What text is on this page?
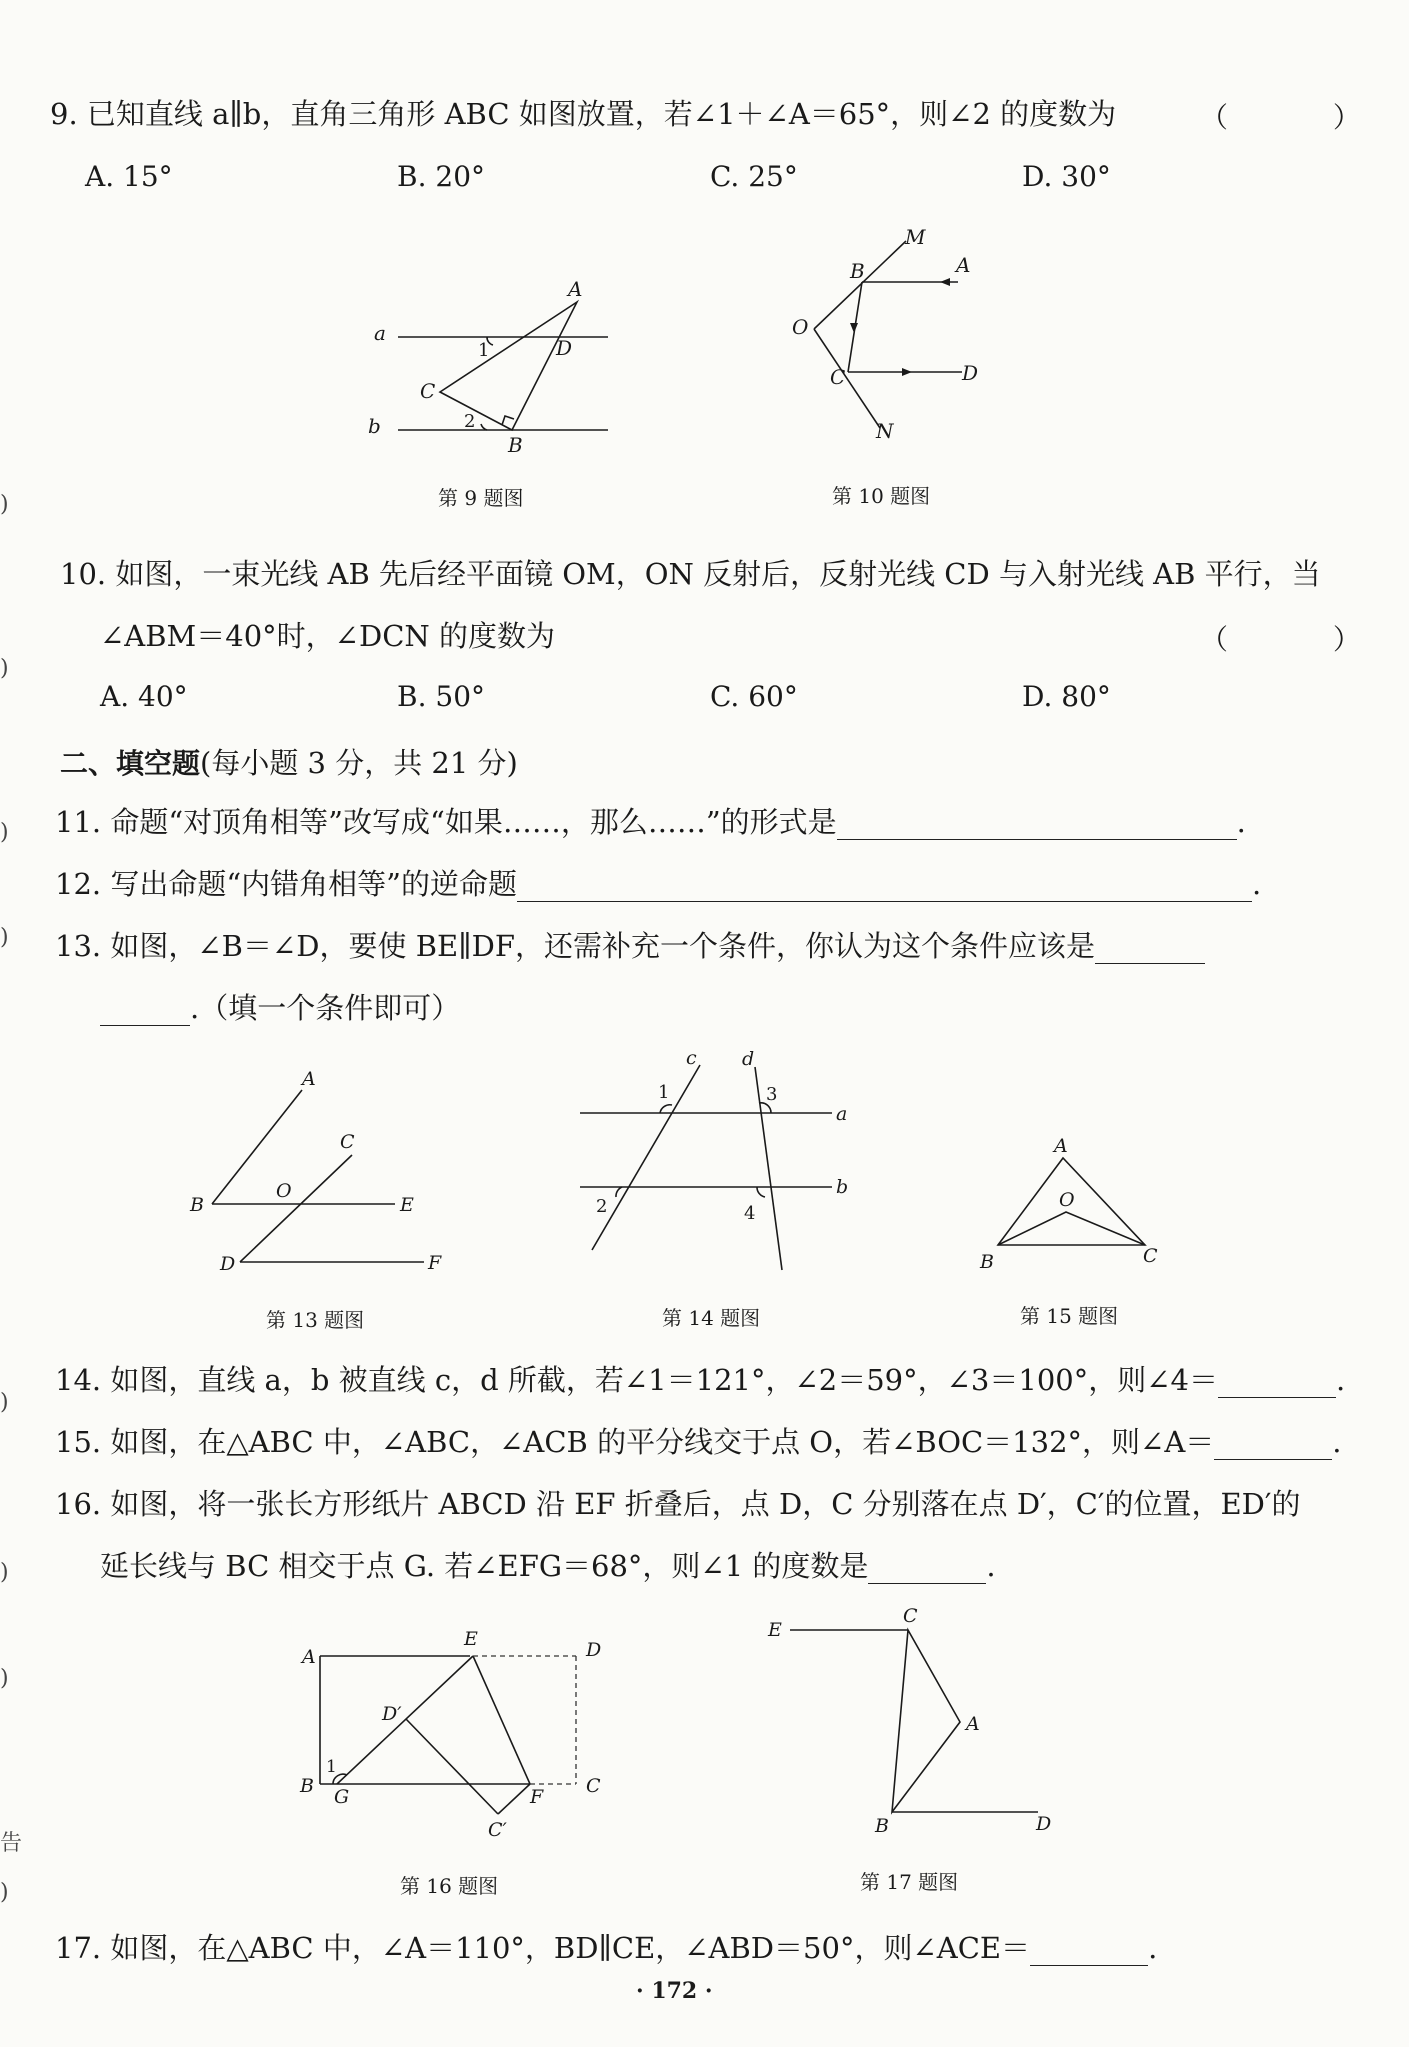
)
)
)
)
)
)
)
告
)
9. 已知直线 a∥b，直角三角形 ABC 如图放置，若∠1＋∠A＝65°，则∠2 的度数为	（ ）
A. 15°	B. 20°	C. 25°	D. 30°
a
b
A
B
C
D
1
2
第 9 题图
M
A
B
O
C	D
N
第 10 题图
10. 如图，一束光线 AB 先后经平面镜 OM，ON 反射后，反射光线 CD 与入射光线 AB 平行，当
∠ABM＝40°时，∠DCN 的度数为	（ ）
A. 40°	B. 50°	C. 60°	D. 80°
二、填空题(每小题 3 分，共 21 分)
11. 命题“对顶角相等”改写成“如果……，那么……”的形式是	.
12. 写出命题“内错角相等”的逆命题	.
13. 如图，∠B＝∠D，要使 BE∥DF，还需补充一个条件，你认为这个条件应该是
.（填一个条件即可）
A
B
C
O
E
D	F
第 13 题图
c d
a
b
1
2
3
4
第 14 题图
A
O
B	C
第 15 题图
14. 如图，直线 a，b 被直线 c，d 所截，若∠1＝121°，∠2＝59°，∠3＝100°，则∠4＝	.
15. 如图，在△ABC 中，∠ABC，∠ACB 的平分线交于点 O，若∠BOC＝132°，则∠A＝	.
16. 如图，将一张长方形纸片 ABCD 沿 EF 折叠后，点 D，C 分别落在点 D′，C′的位置，ED′的
延长线与 BC 相交于点 G. 若∠EFG＝68°，则∠1 的度数是	.
A
E	D
D′
1
B G	F C
C′
第 16 题图
E
C
A
B	D
第 17 题图
17. 如图，在△ABC 中，∠A＝110°，BD∥CE，∠ABD＝50°，则∠ACE＝	.
· 172 ·
